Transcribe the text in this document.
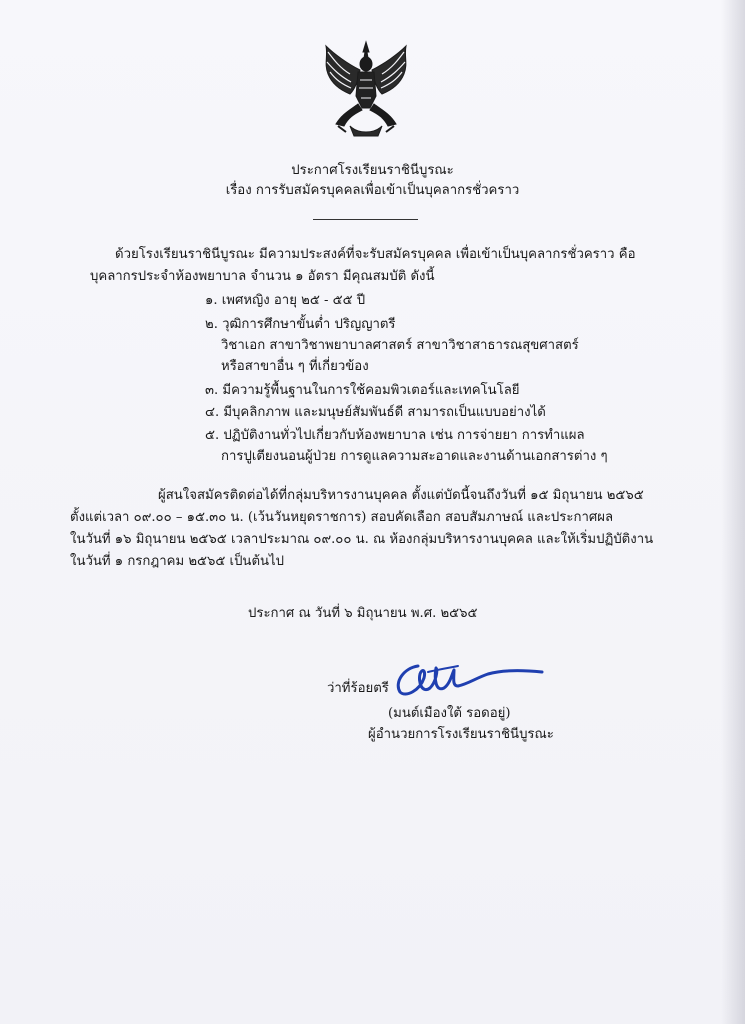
ประกาศโรงเรียนราชินีบูรณะ
เรื่อง การรับสมัครบุคคลเพื่อเข้าเป็นบุคลากรชั่วคราว
ด้วยโรงเรียนราชินีบูรณะ มีความประสงค์ที่จะรับสมัครบุคคล เพื่อเข้าเป็นบุคลากรชั่วคราว คือ
บุคลากรประจำห้องพยาบาล จำนวน ๑ อัตรา มีคุณสมบัติ ดังนี้
๑. เพศหญิง อายุ ๒๕ - ๕๕ ปี
๒. วุฒิการศึกษาขั้นต่ำ ปริญญาตรี
วิชาเอก สาขาวิชาพยาบาลศาสตร์ สาขาวิชาสาธารณสุขศาสตร์
หรือสาขาอื่น ๆ ที่เกี่ยวข้อง
๓. มีความรู้พื้นฐานในการใช้คอมพิวเตอร์และเทคโนโลยี
๔. มีบุคลิกภาพ และมนุษย์สัมพันธ์ดี สามารถเป็นแบบอย่างได้
๕. ปฏิบัติงานทั่วไปเกี่ยวกับห้องพยาบาล เช่น การจ่ายยา การทำแผล
การปูเตียงนอนผู้ป่วย การดูแลความสะอาดและงานด้านเอกสารต่าง ๆ
ผู้สนใจสมัครติดต่อได้ที่กลุ่มบริหารงานบุคคล ตั้งแต่บัดนี้จนถึงวันที่ ๑๕ มิถุนายน ๒๕๖๕
ตั้งแต่เวลา ๐๙.๐๐ – ๑๕.๓๐ น. (เว้นวันหยุดราชการ) สอบคัดเลือก สอบสัมภาษณ์ และประกาศผล
ในวันที่ ๑๖ มิถุนายน ๒๕๖๕ เวลาประมาณ ๐๙.๐๐ น. ณ ห้องกลุ่มบริหารงานบุคคล และให้เริ่มปฏิบัติงาน
ในวันที่ ๑ กรกฎาคม ๒๕๖๕ เป็นต้นไป
ประกาศ ณ วันที่ ๖ มิถุนายน พ.ศ. ๒๕๖๕
ว่าที่ร้อยตรี
(มนต์เมืองใต้ รอดอยู่)
ผู้อำนวยการโรงเรียนราชินีบูรณะ
